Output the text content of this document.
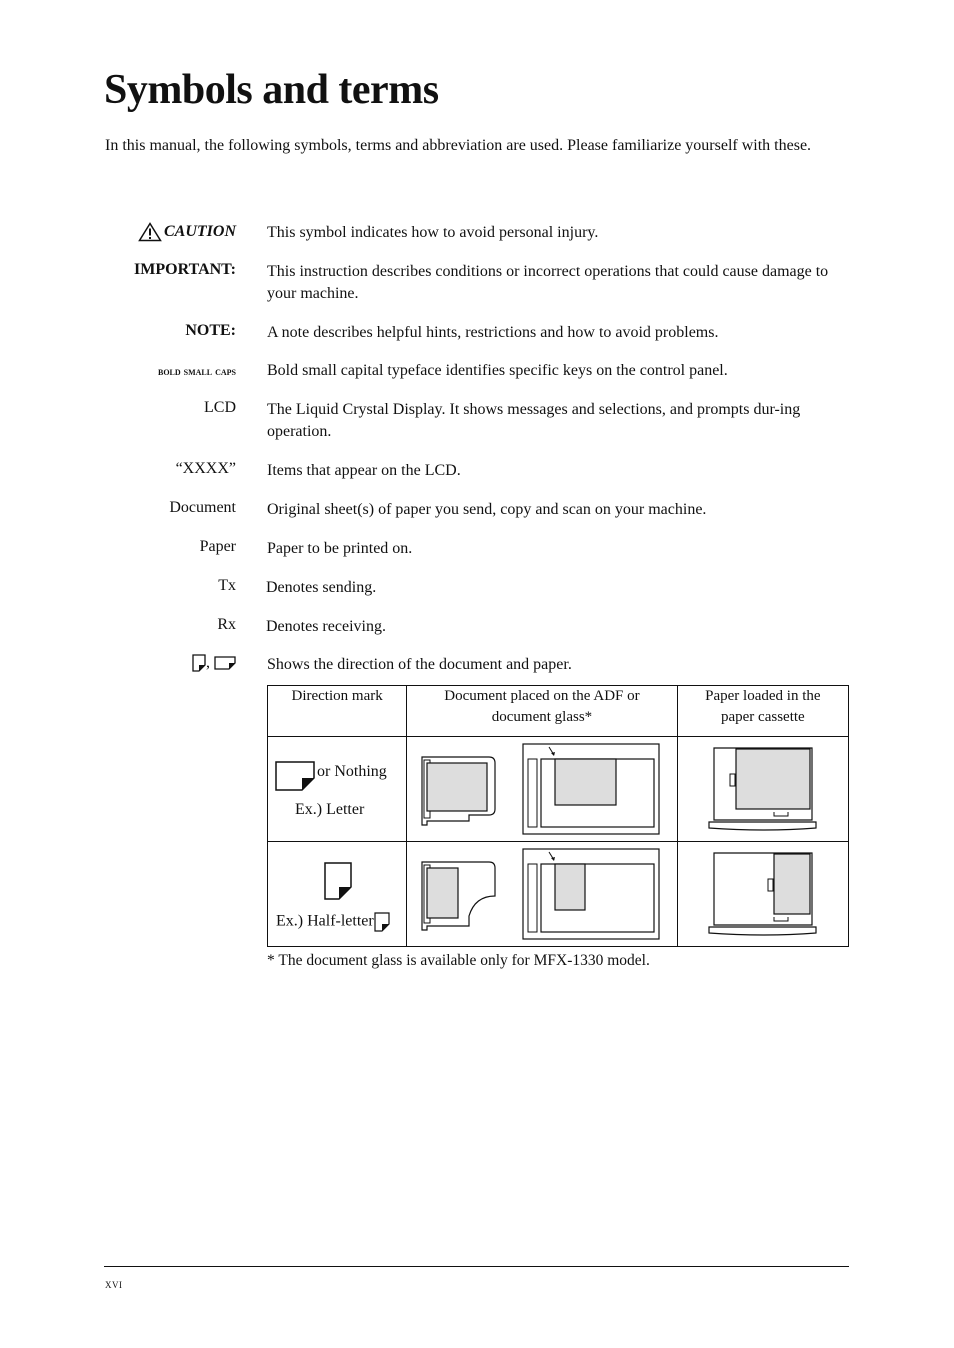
Symbols and terms

In this manual, the following symbols, terms and abbreviation are used. Please familiarize yourself with these.

CAUTION This symbol indicates how to avoid personal injury.
IMPORTANT: This instruction describes conditions or incorrect operations that could cause damage to your machine.
NOTE: A note describes helpful hints, restrictions and how to avoid problems.
bold small caps Bold small capital typeface identifies specific keys on the control panel.
LCD The Liquid Crystal Display. It shows messages and selections, and prompts dur-ing operation.
“XXXX” Items that appear on the LCD.
Document Original sheet(s) of paper you send, copy and scan on your machine.
Paper Paper to be printed on.
Tx Denotes sending.
Rx Denotes receiving.
,	Shows the direction of the document and paper.
Direction mark	Document placed on the ADF or document glass*	Paper loaded in the paper cassette

or Nothing
Ex.) Letter

Ex.) Half-letter

* The document glass is available only for MFX-1330 model.
xvi
